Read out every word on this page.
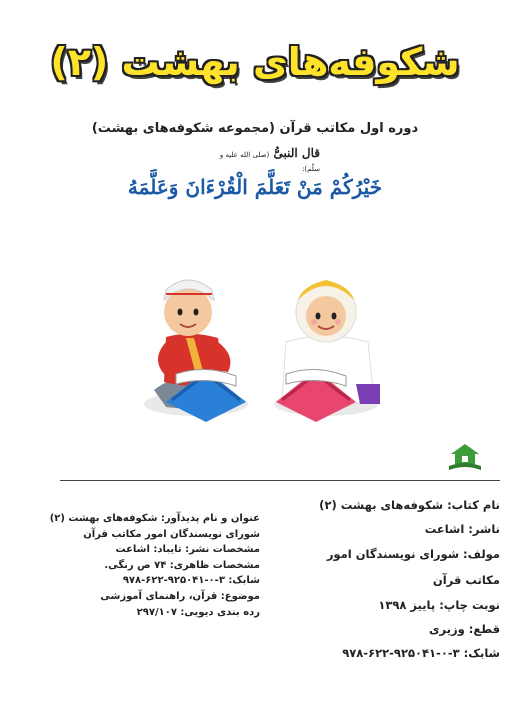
شکوفه‌های بهشت (۲)
دوره اول مکاتب قرآن (مجموعه شکوفه‌های بهشت)
قال النبیُّ (صلی الله علیه و سلّم):
خَیْرُکُمْ مَنْ تَعَلَّمَ الْقُرْءَانَ وَعَلَّمَهُ
نام کتاب: شکوفه‌های بهشت (۲)
ناشر: اشاعت
مولف: شورای نویسندگان امور مکاتب قرآن
نوبت چاپ: پاییز ۱۳۹۸
قطع: وزیری
شابک: ۳-۰-۹۲۵۰۴۱-۶۲۲-۹۷۸
عنوان و نام پدیدآور: شکوفه‌های بهشت (۲)
شورای نویسندگان امور مکاتب قرآن
مشخصات نشر: تایباد: اشاعت
مشخصات ظاهری: ۷۴ ص رنگی.
شابک: ۳-۰-۹۲۵۰۴۱-۶۲۲-۹۷۸
موضوع: قرآن، راهنمای آموزشی
رده بندی دیویی: ۲۹۷/۱۰۷
